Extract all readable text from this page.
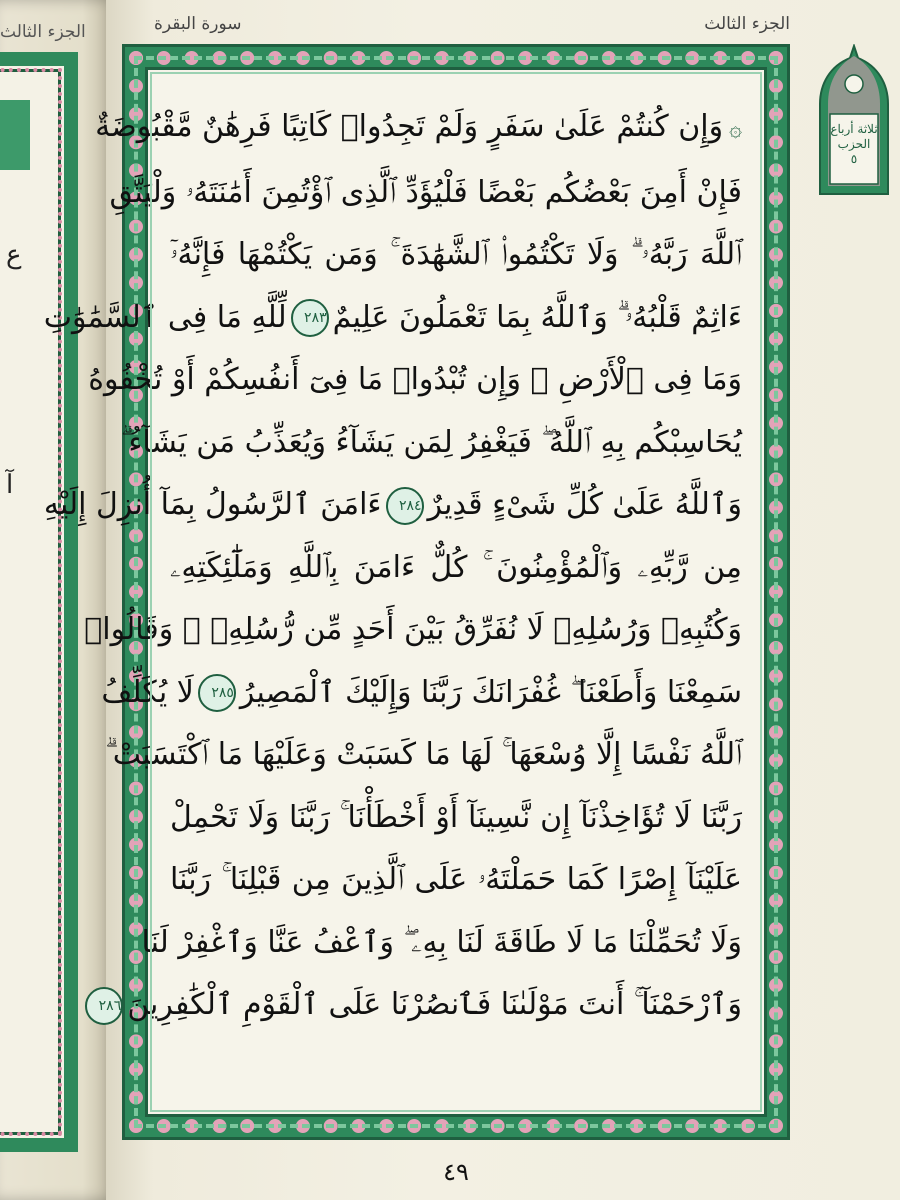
الجزء الثالث
ع
آ
سورة البقرة	الجزء الثالث
۞وَإِن كُنتُمْ عَلَىٰ سَفَرٍ وَلَمْ تَجِدُوا۟ كَاتِبًا فَرِهَٰنٌ مَّقْبُوضَةٌ
فَإِنْ أَمِنَ بَعْضُكُم بَعْضًا فَلْيُؤَدِّ ٱلَّذِى ٱؤْتُمِنَ أَمَٰنَتَهُۥ وَلْيَتَّقِ
ٱللَّهَ رَبَّهُۥ ۗ وَلَا تَكْتُمُوا۟ ٱلشَّهَٰدَةَ ۚ وَمَن يَكْتُمْهَا فَإِنَّهُۥٓ
ءَاثِمٌ قَلْبُهُۥ ۗ وَٱللَّهُ بِمَا تَعْمَلُونَ عَلِيمٌ٢٨٣لِّلَّهِ مَا فِى ٱلسَّمَٰوَٰتِ
وَمَا فِى ٱلْأَرْضِ ۗ وَإِن تُبْدُوا۟ مَا فِىٓ أَنفُسِكُمْ أَوْ تُخْفُوهُ
يُحَاسِبْكُم بِهِ ٱللَّهُ ۖ فَيَغْفِرُ لِمَن يَشَآءُ وَيُعَذِّبُ مَن يَشَآءُ ۗ
وَٱللَّهُ عَلَىٰ كُلِّ شَىْءٍ قَدِيرٌ٢٨٤ءَامَنَ ٱلرَّسُولُ بِمَآ أُنزِلَ إِلَيْهِ
مِن رَّبِّهِۦ وَٱلْمُؤْمِنُونَ ۚ كُلٌّ ءَامَنَ بِٱللَّهِ وَمَلَٰٓئِكَتِهِۦ
وَكُتُبِهِۦ وَرُسُلِهِۦ لَا نُفَرِّقُ بَيْنَ أَحَدٍ مِّن رُّسُلِهِۦ ۚ وَقَالُوا۟
سَمِعْنَا وَأَطَعْنَا ۖ غُفْرَانَكَ رَبَّنَا وَإِلَيْكَ ٱلْمَصِيرُ٢٨٥لَا يُكَلِّفُ
ٱللَّهُ نَفْسًا إِلَّا وُسْعَهَا ۚ لَهَا مَا كَسَبَتْ وَعَلَيْهَا مَا ٱكْتَسَبَتْ ۗ
رَبَّنَا لَا تُؤَاخِذْنَآ إِن نَّسِينَآ أَوْ أَخْطَأْنَا ۚ رَبَّنَا وَلَا تَحْمِلْ
عَلَيْنَآ إِصْرًا كَمَا حَمَلْتَهُۥ عَلَى ٱلَّذِينَ مِن قَبْلِنَا ۚ رَبَّنَا
وَلَا تُحَمِّلْنَا مَا لَا طَاقَةَ لَنَا بِهِۦ ۖ وَٱعْفُ عَنَّا وَٱغْفِرْ لَنَا
وَٱرْحَمْنَآ ۚ أَنتَ مَوْلَىٰنَا فَٱنصُرْنَا عَلَى ٱلْقَوْمِ ٱلْكَٰفِرِينَ٢٨٦
ثلاثة أرباع
الحزب
٥
٤٩
